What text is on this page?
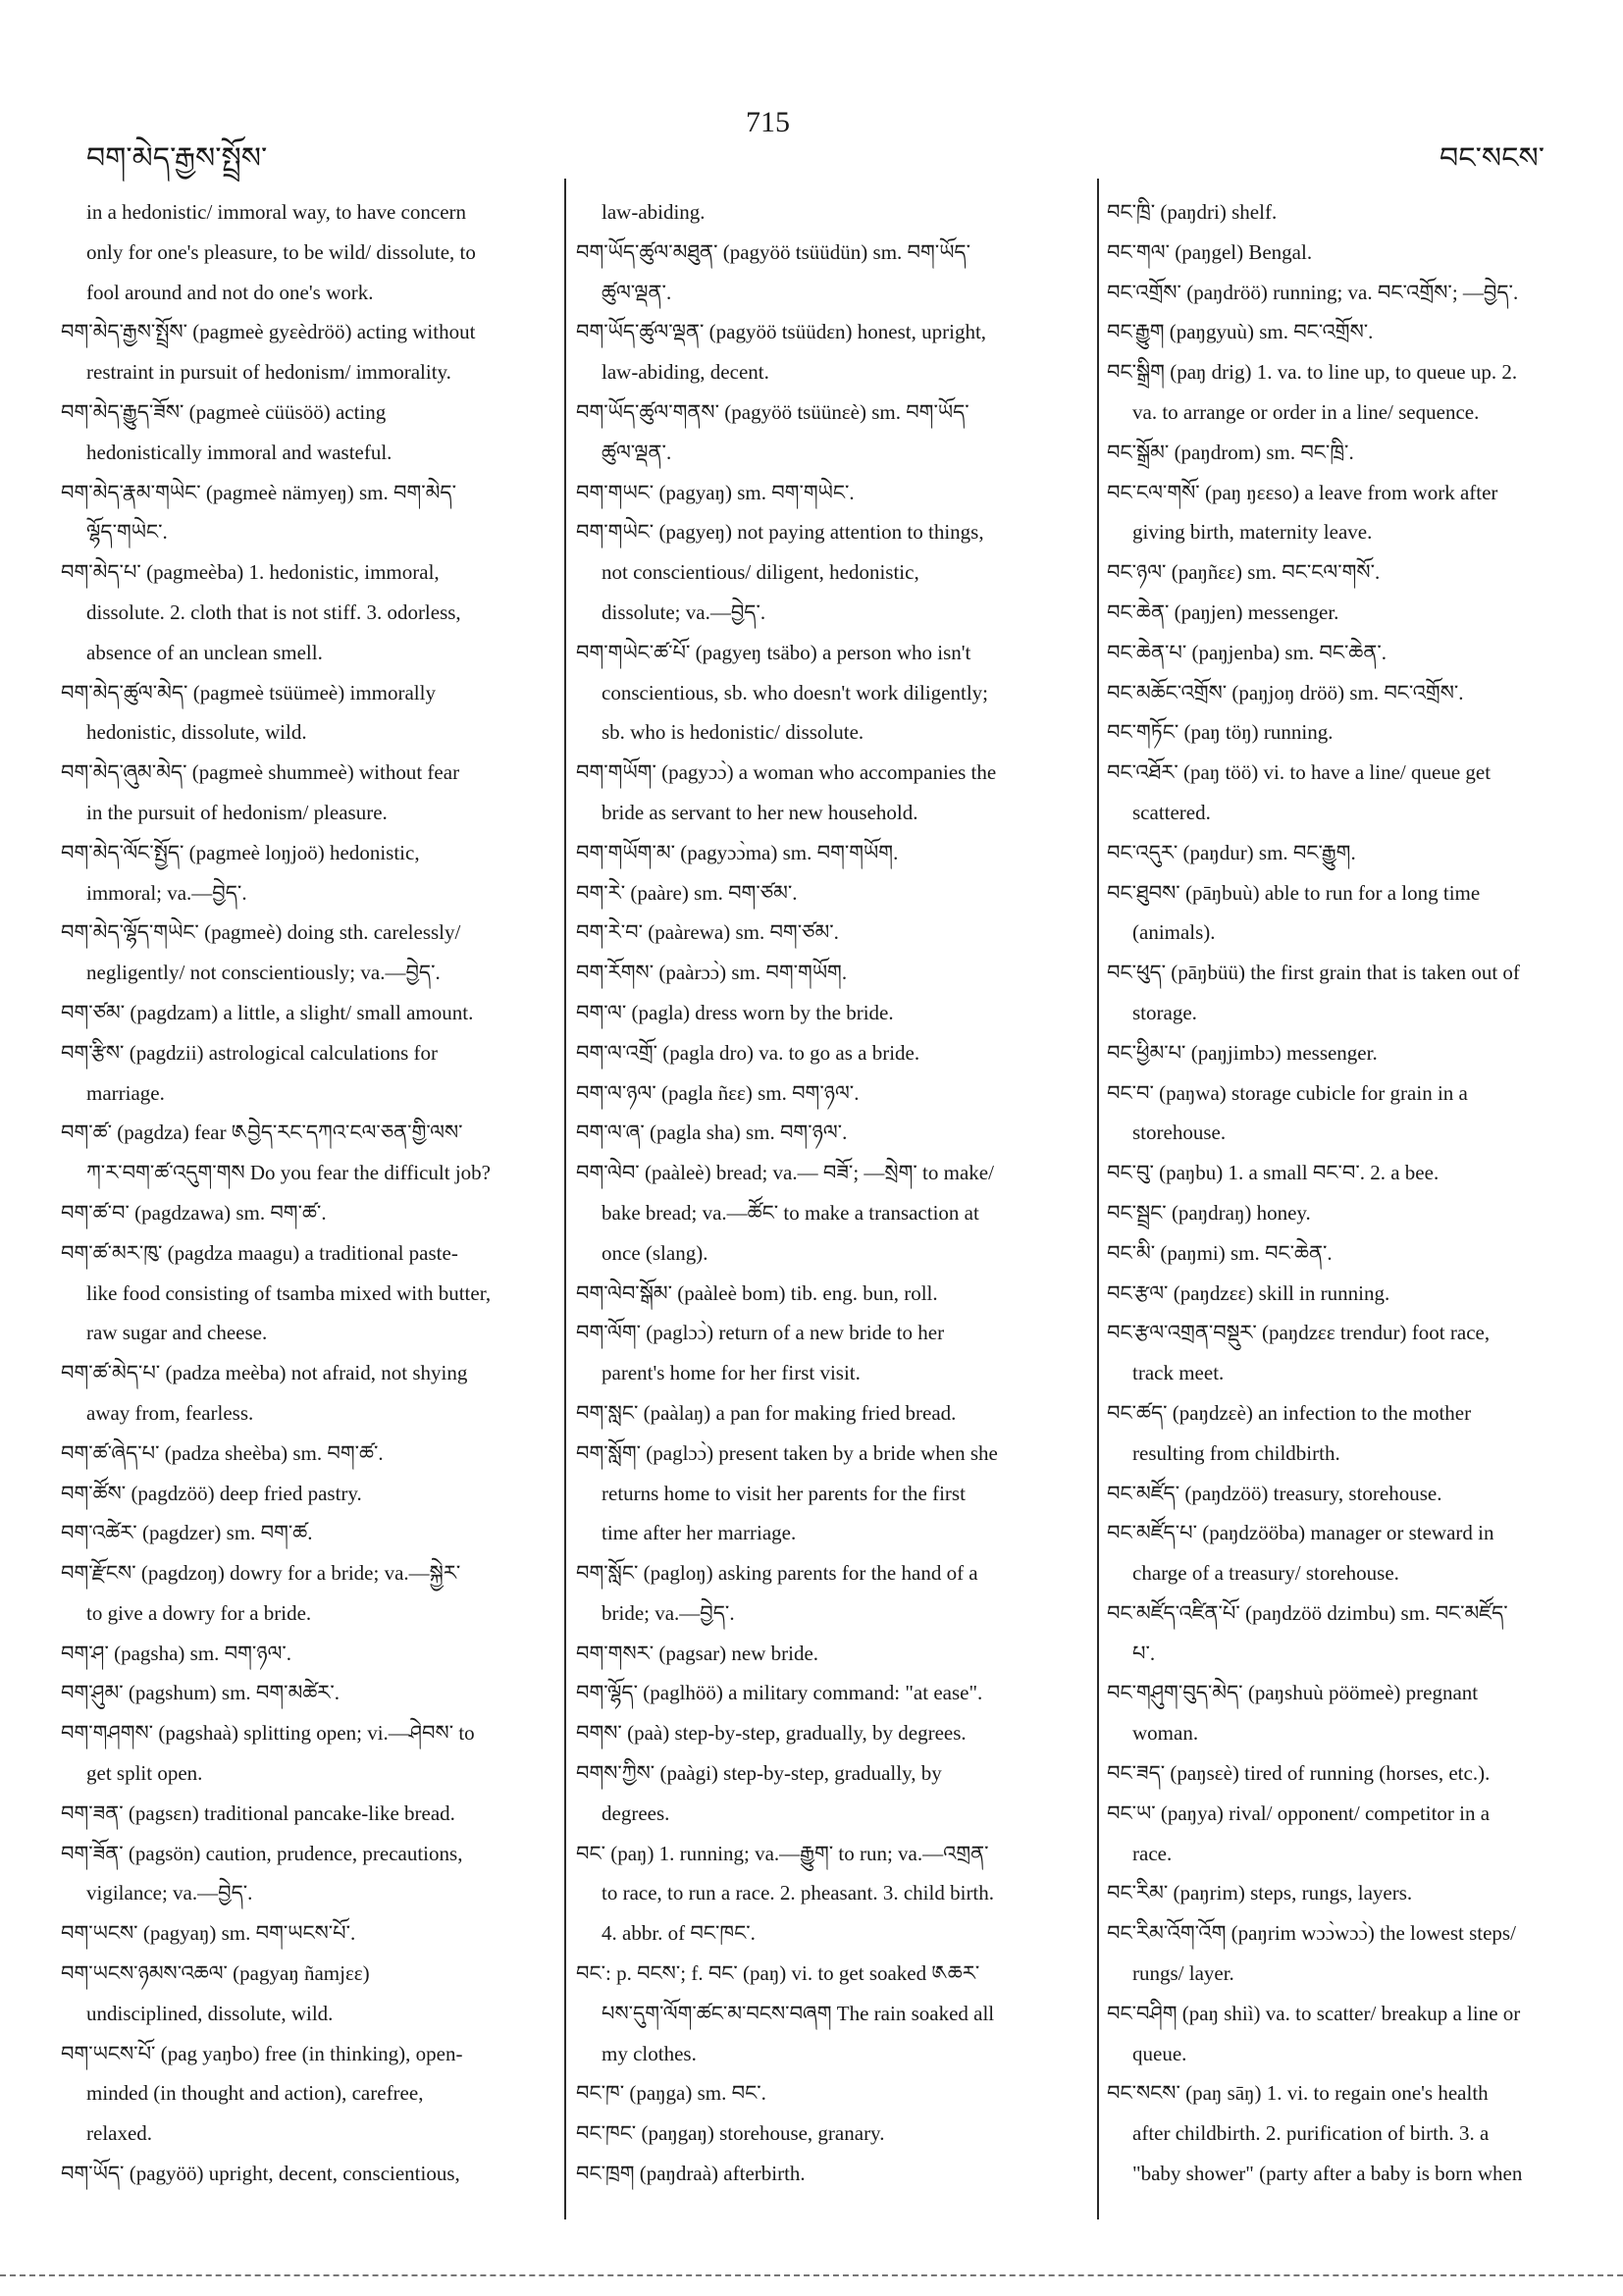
བག་མེད་རྒྱས་སྤྲོས་
715
བང་སངས་
in a hedonistic/ immoral way, to have concern
only for one's pleasure, to be wild/ dissolute, to
fool around and not do one's work.
བག་མེད་རྒྱས་སྤྲོས་ (pagmeè gyεèdröö) acting without
restraint in pursuit of hedonism/ immorality.
བག་མེད་རྒྱུད་ཟོས་ (pagmeè cüüsöö) acting
hedonistically immoral and wasteful.
བག་མེད་རྣམ་གཡེང་ (pagmeè nämyeŋ) sm. བག་མེད་
ལྷོད་གཡེང་.
བག་མེད་པ་ (pagmeèba) 1. hedonistic, immoral,
dissolute. 2. cloth that is not stiff. 3. odorless,
absence of an unclean smell.
བག་མེད་ཚུལ་མེད་ (pagmeè tsüümeè) immorally
hedonistic, dissolute, wild.
བག་མེད་ཞུམ་མེད་ (pagmeè shummeè) without fear
in the pursuit of hedonism/ pleasure.
བག་མེད་ལོང་སྤྱོད་ (pagmeè loŋjoö) hedonistic,
immoral; va.—བྱེད་.
བག་མེད་ལྷོད་གཡེང་ (pagmeè) doing sth. carelessly/
negligently/ not conscientiously; va.—བྱེད་.
བག་ཙམ་ (pagdzam) a little, a slight/ small amount.
བག་རྩིས་ (pagdzii) astrological calculations for
marriage.
བག་ཚ་ (pagdza) fear ༁བྱེད་རང་དཀའ་ངལ་ཅན་གྱི་ལས་
ཀ་ར་བག་ཚ་འདུག་གས Do you fear the difficult job?
བག་ཚ་བ་ (pagdzawa) sm. བག་ཚ་.
བག་ཚ་མར་ཁུ་ (pagdza maagu) a traditional paste-
like food consisting of tsamba mixed with butter,
raw sugar and cheese.
བག་ཚ་མེད་པ་ (padza meèba) not afraid, not shying
away from, fearless.
བག་ཚ་ཞེད་པ་ (padza sheèba) sm. བག་ཚ་.
བག་ཚོས་ (pagdzöö) deep fried pastry.
བག་འཚེར་ (pagdzer) sm. བག་ཚ.
བག་རྫོངས་ (pagdzoŋ) dowry for a bride; va.—སྐྱེར་
to give a dowry for a bride.
བག་ཤ་ (pagsha) sm. བག་ཉལ་.
བག་ཤུམ་ (pagshum) sm. བག་མཚེར་.
བག་གཤགས་ (pagshaà) splitting open; vi.—ཤེབས་ to
get split open.
བག་ཟན་ (pagsεn) traditional pancake-like bread.
བག་ཟོན་ (pagsön) caution, prudence, precautions,
vigilance; va.—བྱེད་.
བག་ཡངས་ (pagyaŋ) sm. བག་ཡངས་པོ་.
བག་ཡངས་ཉམས་འཆལ་ (pagyaŋ ñamjεε)
undisciplined, dissolute, wild.
བག་ཡངས་པོ་ (pag yaŋbo) free (in thinking), open-
minded (in thought and action), carefree,
relaxed.
བག་ཡོད་ (pagyöö) upright, decent, conscientious,
law-abiding.
བག་ཡོད་ཚུལ་མཐུན་ (pagyöö tsüüdün) sm. བག་ཡོད་
ཚུལ་ལྡན་.
བག་ཡོད་ཚུལ་ལྡན་ (pagyöö tsüüdεn) honest, upright,
law-abiding, decent.
བག་ཡོད་ཚུལ་གནས་ (pagyöö tsüünεè) sm. བག་ཡོད་
ཚུལ་ལྡན་.
བག་གཡང་ (pagyaŋ) sm. བག་གཡེང་.
བག་གཡེང་ (pagyeŋ) not paying attention to things,
not conscientious/ diligent, hedonistic,
dissolute; va.—བྱེད་.
བག་གཡེང་ཚ་པོ་ (pagyeŋ tsäbo) a person who isn't
conscientious, sb. who doesn't work diligently;
sb. who is hedonistic/ dissolute.
བག་གཡོག་ (pagyɔɔ̀) a woman who accompanies the
bride as servant to her new household.
བག་གཡོག་མ་ (pagyɔɔ̀ma) sm. བག་གཡོག.
བག་རེ་ (paàre) sm. བག་ཙམ་.
བག་རེ་བ་ (paàrewa) sm. བག་ཙམ་.
བག་རོགས་ (paàrɔɔ̀) sm. བག་གཡོག.
བག་ལ་ (pagla) dress worn by the bride.
བག་ལ་འགྲོ་ (pagla dro) va. to go as a bride.
བག་ལ་ཉལ་ (pagla ñεε) sm. བག་ཉལ་.
བག་ལ་ཞ་ (pagla sha) sm. བག་ཉལ་.
བག་ལེབ་ (paàleè) bread; va.— བཟོ་; —སྲེག་ to make/
bake bread; va.—ཚོང་ to make a transaction at
once (slang).
བག་ལེབ་སྒོམ་ (paàleè bom) tib. eng. bun, roll.
བག་ལོག་ (paglɔɔ̀) return of a new bride to her
parent's home for her first visit.
བག་སླང་ (paàlaŋ) a pan for making fried bread.
བག་སློག་ (paglɔɔ̀) present taken by a bride when she
returns home to visit her parents for the first
time after her marriage.
བག་སློང་ (pagloŋ) asking parents for the hand of a
bride; va.—བྱེད་.
བག་གསར་ (pagsar) new bride.
བག་ལྷོད་ (paglhöö) a military command: "at ease".
བགས་ (paà) step-by-step, gradually, by degrees.
བགས་ཀྱིས་ (paàgi) step-by-step, gradually, by
degrees.
བང་ (paŋ) 1. running; va.—རྒྱུག་ to run; va.—འགྲན་
to race, to run a race. 2. pheasant. 3. child birth.
4. abbr. of བང་ཁང་.
བང་: p. བངས་; f. བང་ (paŋ) vi. to get soaked ༁ཆར་
པས་དུག་ལོག་ཚང་མ་བངས་བཞག The rain soaked all
my clothes.
བང་ཁ་ (paŋga) sm. བང་.
བང་ཁང་ (paŋgaŋ) storehouse, granary.
བང་ཁྲག (paŋdraà) afterbirth.
བང་ཁྲི་ (paŋdri) shelf.
བང་གལ་ (paŋgel) Bengal.
བང་འགྲོས་ (paŋdröö) running; va. བང་འགྲོས་; —བྱེད་.
བང་རྒྱུག (paŋgyuù) sm. བང་འགྲོས་.
བང་སྒྲིག (paŋ drig) 1. va. to line up, to queue up. 2.
va. to arrange or order in a line/ sequence.
བང་སྒྲོམ་ (paŋdrom) sm. བང་ཁྲི་.
བང་ངལ་གསོ་ (paŋ ŋεεso) a leave from work after
giving birth, maternity leave.
བང་ཉལ་ (paŋñεε) sm. བང་ངལ་གསོ་.
བང་ཆེན་ (paŋjen) messenger.
བང་ཆེན་པ་ (paŋjenba) sm. བང་ཆེན་.
བང་མཆོང་འགྲོས་ (paŋjoŋ dröö) sm. བང་འགྲོས་.
བང་གཏོང་ (paŋ töŋ) running.
བང་འཐོར་ (paŋ töö) vi. to have a line/ queue get
scattered.
བང་འདུར་ (paŋdur) sm. བང་རྒྱུག.
བང་ཐུབས་ (pāŋbuù) able to run for a long time
(animals).
བང་ཕུད་ (pāŋbüü) the first grain that is taken out of
storage.
བང་ཕྱིམ་པ་ (paŋjimbɔ) messenger.
བང་བ་ (paŋwa) storage cubicle for grain in a
storehouse.
བང་བུ་ (paŋbu) 1. a small བང་བ་. 2. a bee.
བང་སྦྲང་ (paŋdraŋ) honey.
བང་མི་ (paŋmi) sm. བང་ཆེན་.
བང་རྩལ་ (paŋdzεε) skill in running.
བང་རྩལ་འགྲན་བསྡུར་ (paŋdzεε trendur) foot race,
track meet.
བང་ཚད་ (paŋdzεè) an infection to the mother
resulting from childbirth.
བང་མཛོད་ (paŋdzöö) treasury, storehouse.
བང་མཛོད་པ་ (paŋdzööba) manager or steward in
charge of a treasury/ storehouse.
བང་མཛོད་འཛིན་པོ་ (paŋdzöö dzimbu) sm. བང་མཛོད་
པ་.
བང་གཤུག་བུད་མེད་ (paŋshuù pöömeè) pregnant
woman.
བང་ཟད་ (paŋsεè) tired of running (horses, etc.).
བང་ཡ་ (paŋya) rival/ opponent/ competitor in a
race.
བང་རིམ་ (paŋrim) steps, rungs, layers.
བང་རིམ་འོག་འོག (paŋrim wɔɔ̀wɔɔ̀) the lowest steps/
rungs/ layer.
བང་བཤིག (paŋ shiì) va. to scatter/ breakup a line or
queue.
བང་སངས་ (paŋ sāŋ) 1. vi. to regain one's health
after childbirth. 2. purification of birth. 3. a
"baby shower" (party after a baby is born when
